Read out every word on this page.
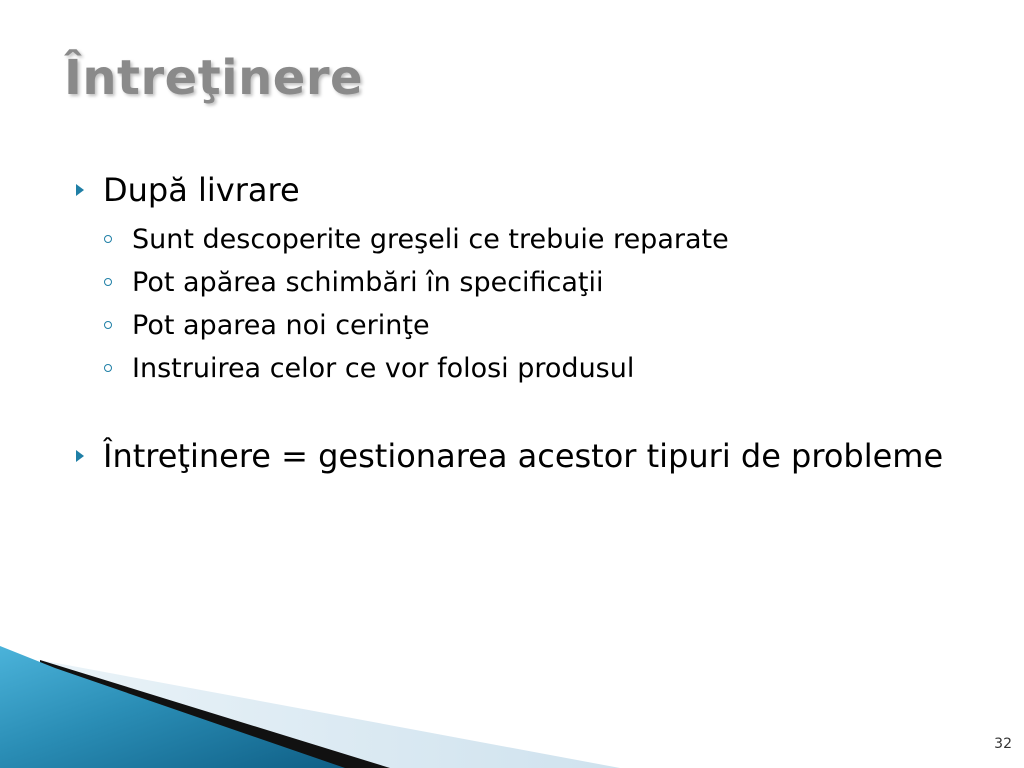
Întreţinere
După livrare
Sunt descoperite greşeli ce trebuie reparate
Pot apărea schimbări în specificaţii
Pot aparea noi cerinţe
Instruirea celor ce vor folosi produsul
Întreţinere = gestionarea acestor tipuri de probleme
32
